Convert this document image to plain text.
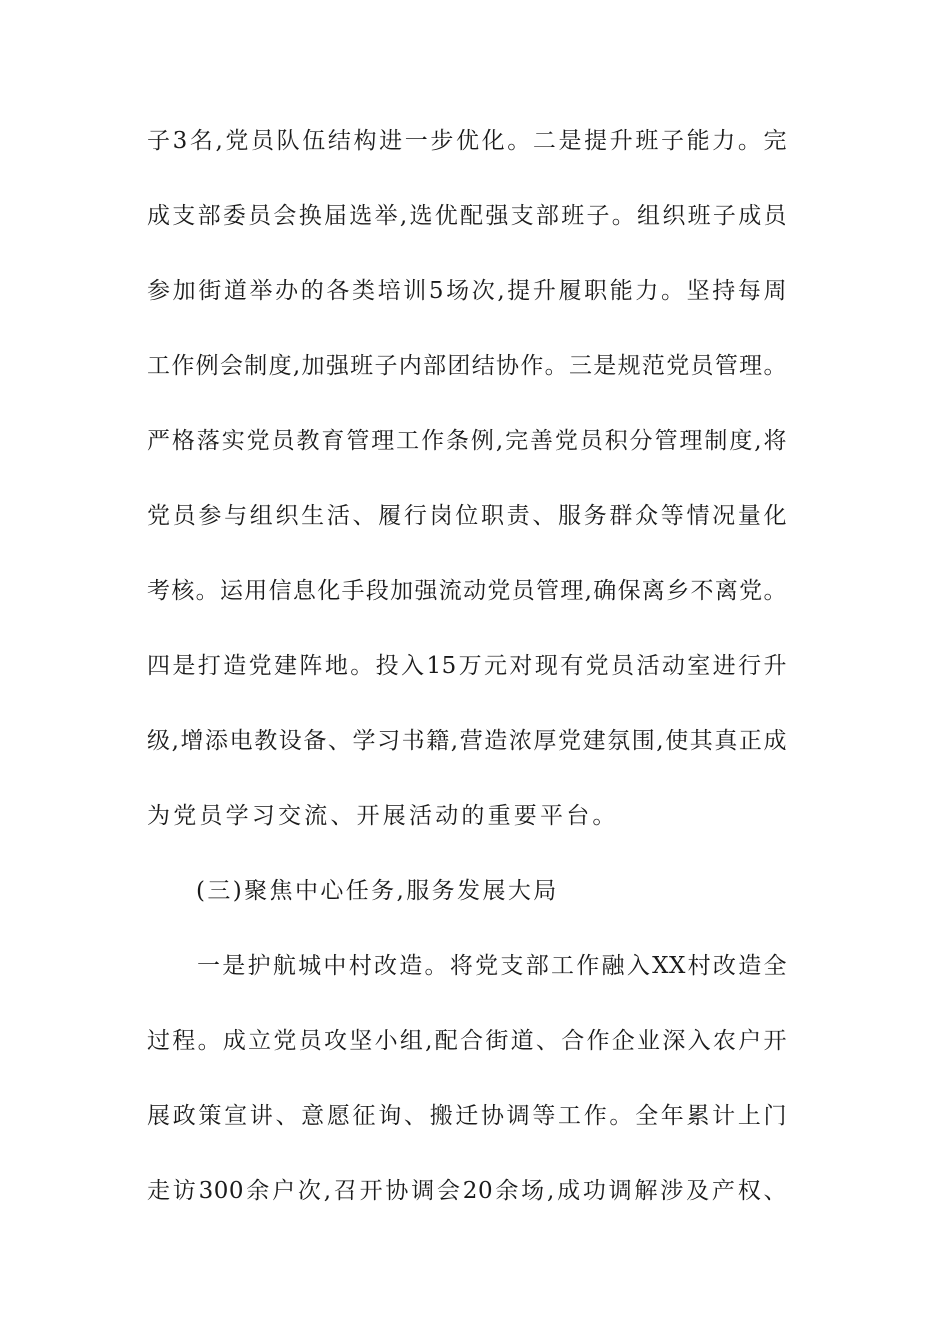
子3名,党员队伍结构进一步优化。二是提升班子能力。完
成支部委员会换届选举,选优配强支部班子。组织班子成员
参加街道举办的各类培训5场次,提升履职能力。坚持每周
工作例会制度,加强班子内部团结协作。三是规范党员管理。
严格落实党员教育管理工作条例,完善党员积分管理制度,将
党员参与组织生活、履行岗位职责、服务群众等情况量化
考核。运用信息化手段加强流动党员管理,确保离乡不离党。
四是打造党建阵地。投入15万元对现有党员活动室进行升
级,增添电教设备、学习书籍,营造浓厚党建氛围,使其真正成
为党员学习交流、开展活动的重要平台。
(三)聚焦中心任务,服务发展大局
一是护航城中村改造。将党支部工作融入XX村改造全
过程。成立党员攻坚小组,配合街道、合作企业深入农户开
展政策宣讲、意愿征询、搬迁协调等工作。全年累计上门
走访300余户次,召开协调会20余场,成功调解涉及产权、
